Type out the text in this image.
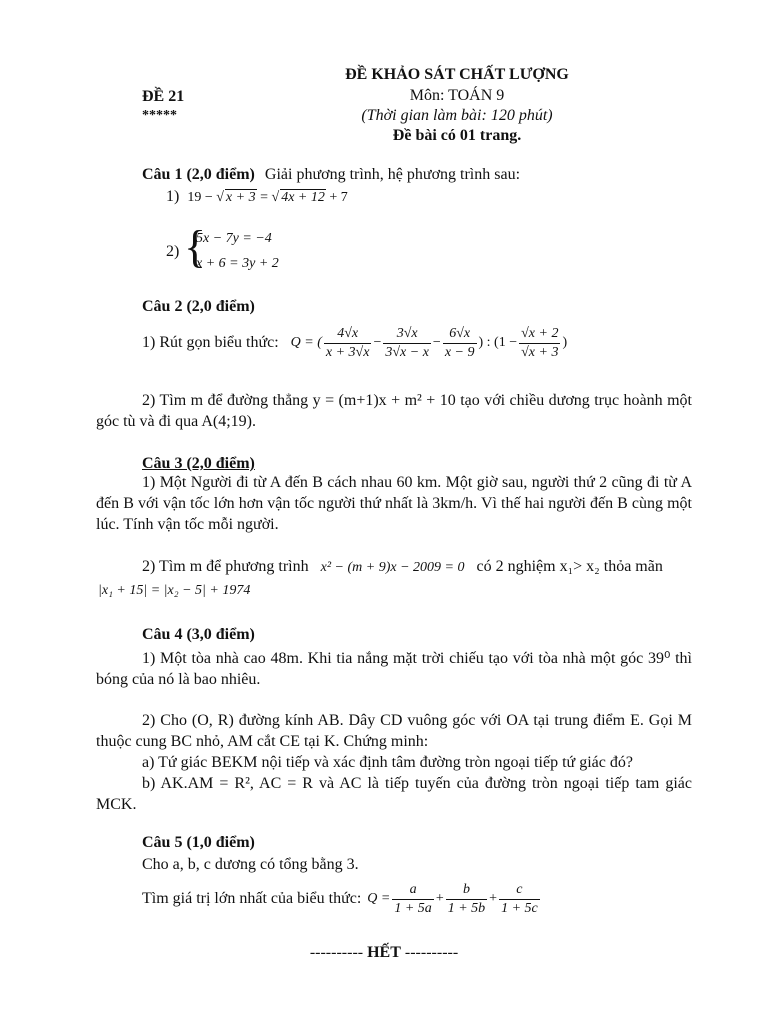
ĐỀ 21
*****
ĐỀ KHẢO SÁT CHẤT LƯỢNG
Môn: TOÁN 9
(Thời gian làm bài: 120 phút)
Đề bài có 01 trang.
Câu 1 (2,0 điểm) Giải phương trình, hệ phương trình sau:
1) 19 − √ x + 3 = √ 4x + 12 + 7
2) {
5x − 7y = −4
x + 6 = 3y + 2
Câu 2 (2,0 điểm)
1) Rút gọn biểu thức: Q = ( $\frac{4√x}{x + 3√x} - \frac{3√x}{3√x - x} - \frac{6√x}{x - 9}$ ) : ($1 - \frac{√x + 2}{√x + 3}$ )
2) Tìm m để đường thẳng y = (m+1)x + m² + 10 tạo với chiều dương trục hoành một góc tù và đi qua A(4;19).
Câu 3 (2,0 điểm)
1) Một Người đi từ A đến B cách nhau 60 km. Một giờ sau, người thứ 2 cũng đi từ A đến B với vận tốc lớn hơn vận tốc người thứ nhất là 3km/h. Vì thế hai người đến B cùng một lúc. Tính vận tốc mỗi người.
2) Tìm m để phương trình x² − (m + 9)x − 2009 = 0 có 2 nghiệm x₁> x₂ thỏa mãn
|x₁ + 15| = |x₂ − 5| + 1974
Câu 4 (3,0 điểm)
1) Một tòa nhà cao 48m. Khi tia nắng mặt trời chiếu tạo với tòa nhà một góc 39⁰ thì bóng của nó là bao nhiêu.
2) Cho (O, R) đường kính AB. Dây CD vuông góc với OA tại trung điểm E. Gọi M thuộc cung BC nhỏ, AM cắt CE tại K. Chứng minh:
a) Tứ giác BEKM nội tiếp và xác định tâm đường tròn ngoại tiếp tứ giác đó?
b) AK.AM = R², AC = R và AC là tiếp tuyến của đường tròn ngoại tiếp tam giác MCK.
Câu 5 (1,0 điểm)
Cho a, b, c dương có tổng bằng 3.
Tìm giá trị lớn nhất của biểu thức: $Q = \frac{a}{1 + 5a} + \frac{b}{1 + 5b} + \frac{c}{1 + 5c}$
---------- HẾT ----------
